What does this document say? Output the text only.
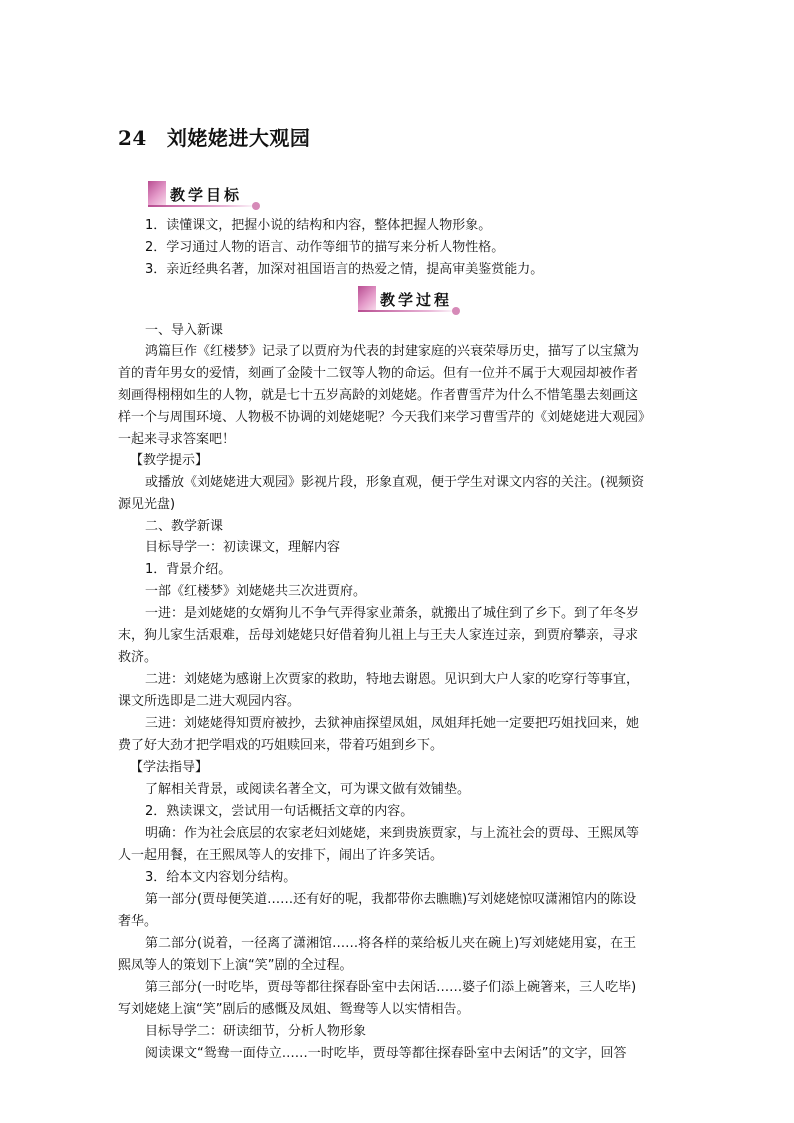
24 刘姥姥进大观园
教学目标
1．读懂课文，把握小说的结构和内容，整体把握人物形象。
2．学习通过人物的语言、动作等细节的描写来分析人物性格。
3．亲近经典名著，加深对祖国语言的热爱之情，提高审美鉴赏能力。
教学过程
一、导入新课
鸿篇巨作《红楼梦》记录了以贾府为代表的封建家庭的兴衰荣辱历史，描写了以宝黛为
首的青年男女的爱情，刻画了金陵十二钗等人物的命运。但有一位并不属于大观园却被作者
刻画得栩栩如生的人物，就是七十五岁高龄的刘姥姥。作者曹雪芹为什么不惜笔墨去刻画这
样一个与周围环境、人物极不协调的刘姥姥呢？今天我们来学习曹雪芹的《刘姥姥进大观园》
一起来寻求答案吧！
【教学提示】
或播放《刘姥姥进大观园》影视片段，形象直观，便于学生对课文内容的关注。(视频资
源见光盘)
二、教学新课
目标导学一：初读课文，理解内容
1．背景介绍。
一部《红楼梦》刘姥姥共三次进贾府。
一进：是刘姥姥的女婿狗儿不争气弄得家业萧条，就搬出了城住到了乡下。到了年冬岁
末，狗儿家生活艰难，岳母刘姥姥只好借着狗儿祖上与王夫人家连过亲，到贾府攀亲，寻求
救济。
二进：刘姥姥为感谢上次贾家的救助，特地去谢恩。见识到大户人家的吃穿行等事宜，
课文所选即是二进大观园内容。
三进：刘姥姥得知贾府被抄，去狱神庙探望凤姐，凤姐拜托她一定要把巧姐找回来，她
费了好大劲才把学唱戏的巧姐赎回来，带着巧姐到乡下。
【学法指导】
了解相关背景，或阅读名著全文，可为课文做有效铺垫。
2．熟读课文，尝试用一句话概括文章的内容。
明确：作为社会底层的农家老妇刘姥姥，来到贵族贾家，与上流社会的贾母、王熙凤等
人一起用餐，在王熙凤等人的安排下，闹出了许多笑话。
3．给本文内容划分结构。
第一部分(贾母便笑道……还有好的呢，我都带你去瞧瞧)写刘姥姥惊叹潇湘馆内的陈设
奢华。
第二部分(说着，一径离了潇湘馆……将各样的菜给板儿夹在碗上)写刘姥姥用宴，在王
熙凤等人的策划下上演“笑”剧的全过程。
第三部分(一时吃毕，贾母等都往探春卧室中去闲话……婆子们添上碗箸来，三人吃毕)
写刘姥姥上演“笑”剧后的感慨及凤姐、鸳鸯等人以实情相告。
目标导学二：研读细节，分析人物形象
阅读课文“鸳鸯一面侍立……一时吃毕，贾母等都往探春卧室中去闲话”的文字，回答
